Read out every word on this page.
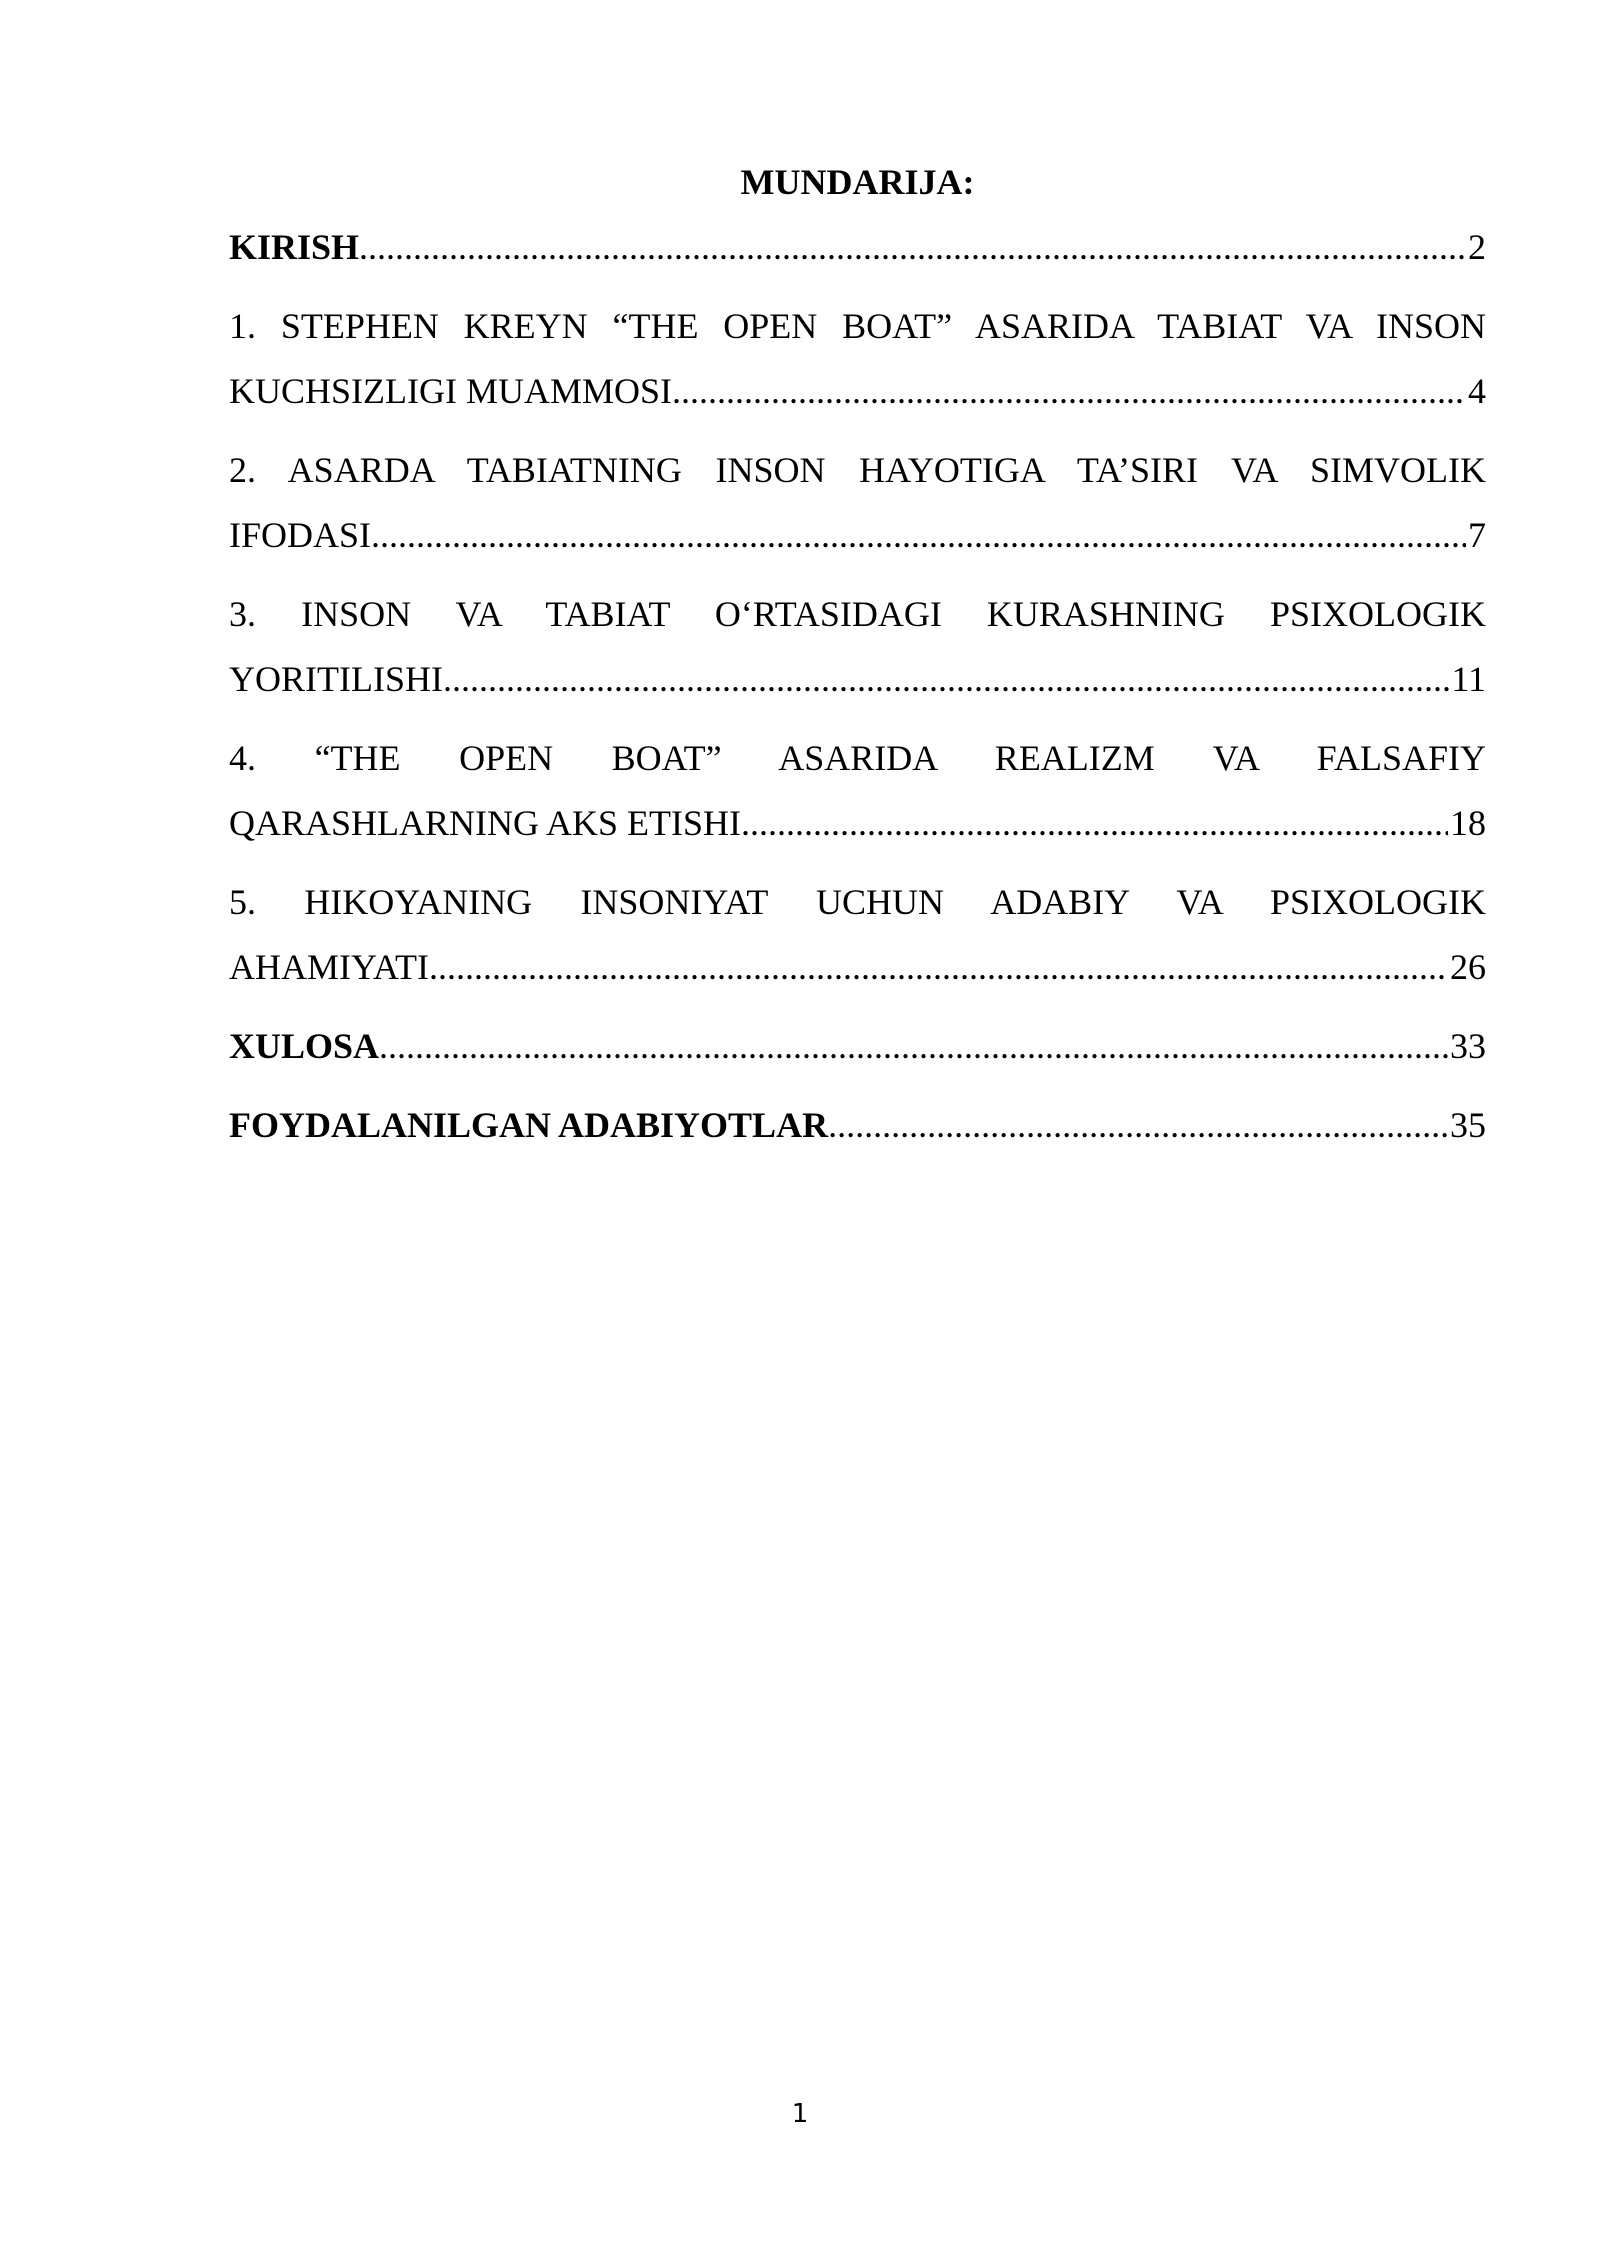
MUNDARIJA:
KIRISH .....	2
1. STEPHEN KREYN “THE OPEN BOAT” ASARIDA TABIAT VA INSON
KUCHSIZLIGI MUAMMOSI .....	4
2. ASARDA TABIATNING INSON HAYOTIGA TA’SIRI VA SIMVOLIK
IFODASI .....	7
3. INSON VA TABIAT O‘RTASIDAGI KURASHNING PSIXOLOGIK
YORITILISHI .....	11
4. “THE OPEN BOAT” ASARIDA REALIZM VA FALSAFIY
QARASHLARNING AKS ETISHI .....	18
5. HIKOYANING INSONIYAT UCHUN ADABIY VA PSIXOLOGIK
AHAMIYATI .....	26
XULOSA .....	33
FOYDALANILGAN ADABIYOTLAR .....	35
1
